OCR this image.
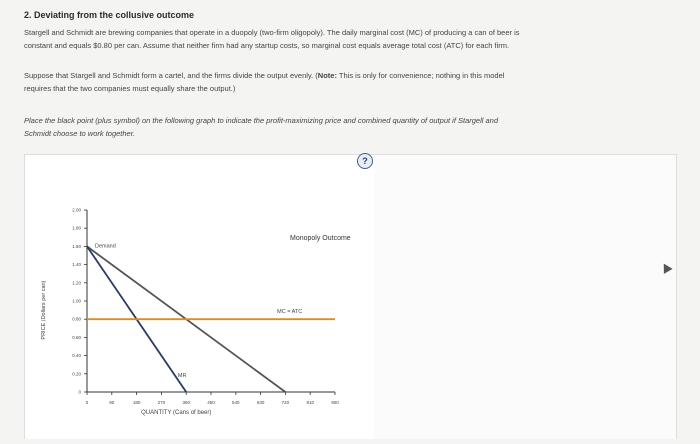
2. Deviating from the collusive outcome
Stargell and Schmidt are brewing companies that operate in a duopoly (two-firm oligopoly). The daily marginal cost (MC) of producing a can of beer is
constant and equals $0.80 per can. Assume that neither firm had any startup costs, so marginal cost equals average total cost (ATC) for each firm.
Suppose that Stargell and Schmidt form a cartel, and the firms divide the output evenly. (Note: This is only for convenience; nothing in this model
requires that the two companies must equally share the output.)
Place the black point (plus symbol) on the following graph to indicate the profit-maximizing price and combined quantity of output if Stargell and
Schmidt choose to work together.
0
0.20
0.40
0.60
0.80
1.00
1.20
1.40
1.60
1.80
2.00
0	90	180	270	360	450	540	630	720	810	900
QUANTITY (Cans of beer)
PRICE (Dollars per can)
Demand
MR
MC = ATC
Monopoly Outcome
?
